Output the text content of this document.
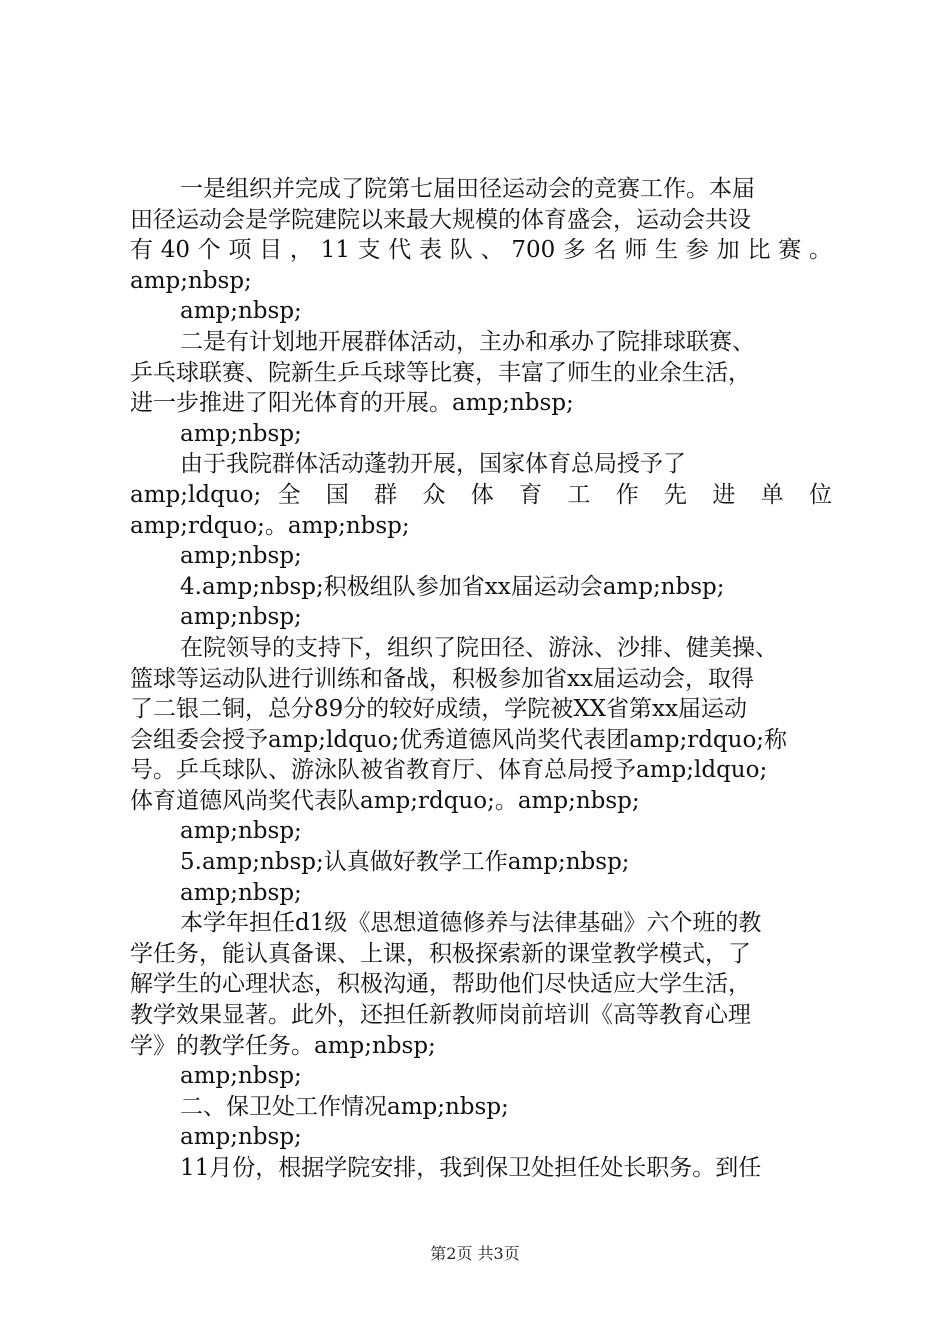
一是组织并完成了院第七届田径运动会的竞赛工作。本届
田径运动会是学院建院以来最大规模的体育盛会，运动会共设
有 40 个 项 目 ， 11 支 代 表 队 、 700 多 名 师 生 参 加 比 赛 。
amp;nbsp;
amp;nbsp;
二是有计划地开展群体活动，主办和承办了院排球联赛、
乒乓球联赛、院新生乒乓球等比赛，丰富了师生的业余生活，
进一步推进了阳光体育的开展。amp;nbsp;
amp;nbsp;
由于我院群体活动蓬勃开展，国家体育总局授予了
amp;ldquo; 全 国 群 众 体 育 工 作 先 进 单 位
amp;rdquo;。amp;nbsp;
amp;nbsp;
4.amp;nbsp;积极组队参加省xx届运动会amp;nbsp;
amp;nbsp;
在院领导的支持下，组织了院田径、游泳、沙排、健美操、
篮球等运动队进行训练和备战，积极参加省xx届运动会，取得
了二银二铜，总分89分的较好成绩，学院被XX省第xx届运动
会组委会授予amp;ldquo;优秀道德风尚奖代表团amp;rdquo;称
号。乒乓球队、游泳队被省教育厅、体育总局授予amp;ldquo;
体育道德风尚奖代表队amp;rdquo;。amp;nbsp;
amp;nbsp;
5.amp;nbsp;认真做好教学工作amp;nbsp;
amp;nbsp;
本学年担任d1级《思想道德修养与法律基础》六个班的教
学任务，能认真备课、上课，积极探索新的课堂教学模式，了
解学生的心理状态，积极沟通，帮助他们尽快适应大学生活，
教学效果显著。此外，还担任新教师岗前培训《高等教育心理
学》的教学任务。amp;nbsp;
amp;nbsp;
二、保卫处工作情况amp;nbsp;
amp;nbsp;
11月份，根据学院安排，我到保卫处担任处长职务。到任
第2页 共3页
